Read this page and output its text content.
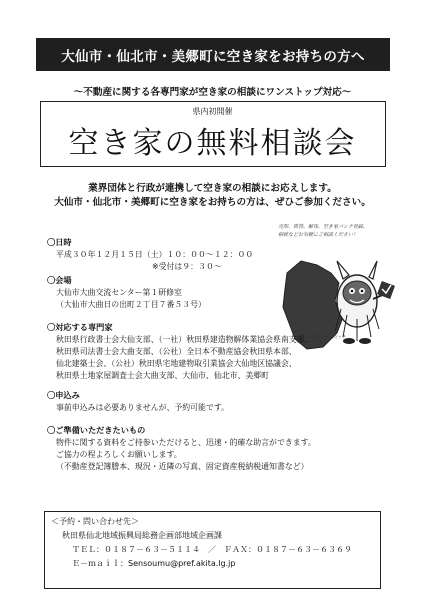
大仙市・仙北市・美郷町に空き家をお持ちの方へ
～不動産に関する各専門家が空き家の相談にワンストップ対応～
県内初開催
空き家の無料相談会
業界団体と行政が連携して空き家の相談にお応えします。
大仙市・仙北市・美郷町に空き家をお持ちの方は、ぜひご参加ください。
売却、賃貸、解体、空き家バンク登録、
相続などお気軽にご相談ください！
©2013秋田県んだッチ
〇日時
平成３０年１２月１５日（土）１０：００～１２：００
※受付は９：３０～
〇会場
大仙市大曲交流センター第１研修室
（大仙市大曲日の出町２丁目７番５３号）
〇対応する専門家
秋田県行政書士会大仙支部、（一社）秋田県建造物解体業協会県南支部、
秋田県司法書士会大曲支部、（公社）全日本不動産協会秋田県本部、
仙北建築士会、（公社）秋田県宅地建物取引業協会大仙地区協議会、
秋田県土地家屋調査士会大曲支部、大仙市、仙北市、美郷町
〇申込み
事前申込みは必要ありませんが、予約可能です。
〇ご準備いただきたいもの
物件に関する資料をご持参いただけると、迅速・的確な助言ができます。
ご協力の程よろしくお願いします。
（不動産登記簿謄本、現況・近隣の写真、固定資産税納税通知書など）
＜予約・問い合わせ先＞
秋田県仙北地域振興局総務企画部地域企画課
ＴＥＬ：０１８７－６３－５１１４　／　ＦＡＸ：０１８７－６３－６３６９
Ｅ－ｍａｉｌ：Sensoumu@pref.akita.lg.jp
